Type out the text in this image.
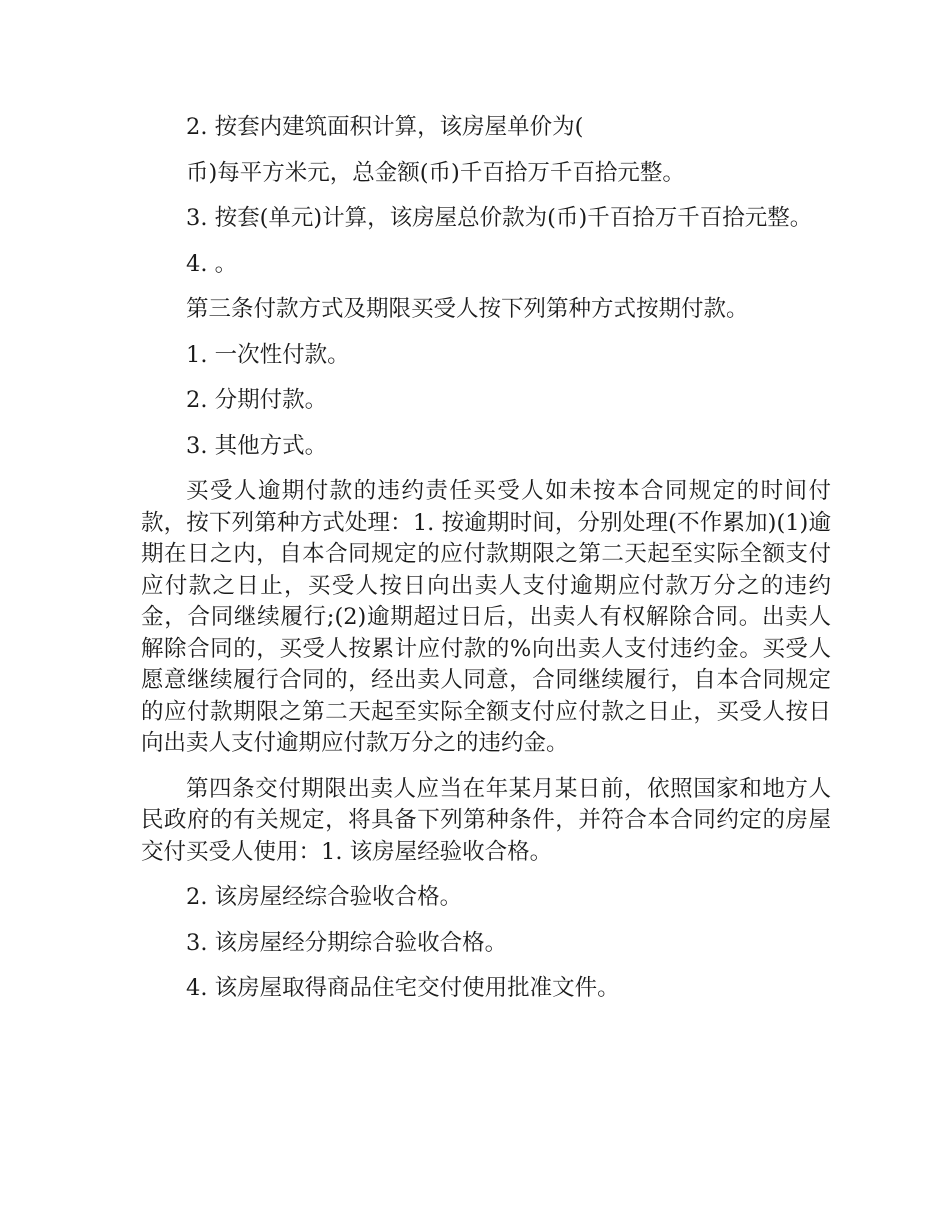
2. 按套内建筑面积计算，该房屋单价为(

币)每平方米元，总金额(币)千百拾万千百拾元整。

3. 按套(单元)计算，该房屋总价款为(币)千百拾万千百拾元整。

4. 。

第三条付款方式及期限买受人按下列第种方式按期付款。

1. 一次性付款。

2. 分期付款。

3. 其他方式。

买受人逾期付款的违约责任买受人如未按本合同规定的时间付款，按下列第种方式处理：1. 按逾期时间，分别处理(不作累加)(1)逾期在日之内，自本合同规定的应付款期限之第二天起至实际全额支付应付款之日止，买受人按日向出卖人支付逾期应付款万分之的违约金，合同继续履行;(2)逾期超过日后，出卖人有权解除合同。出卖人解除合同的，买受人按累计应付款的%向出卖人支付违约金。买受人愿意继续履行合同的，经出卖人同意，合同继续履行，自本合同规定的应付款期限之第二天起至实际全额支付应付款之日止，买受人按日向出卖人支付逾期应付款万分之的违约金。

第四条交付期限出卖人应当在年某月某日前，依照国家和地方人民政府的有关规定，将具备下列第种条件，并符合本合同约定的房屋交付买受人使用：1. 该房屋经验收合格。

2. 该房屋经综合验收合格。

3. 该房屋经分期综合验收合格。

4. 该房屋取得商品住宅交付使用批准文件。
